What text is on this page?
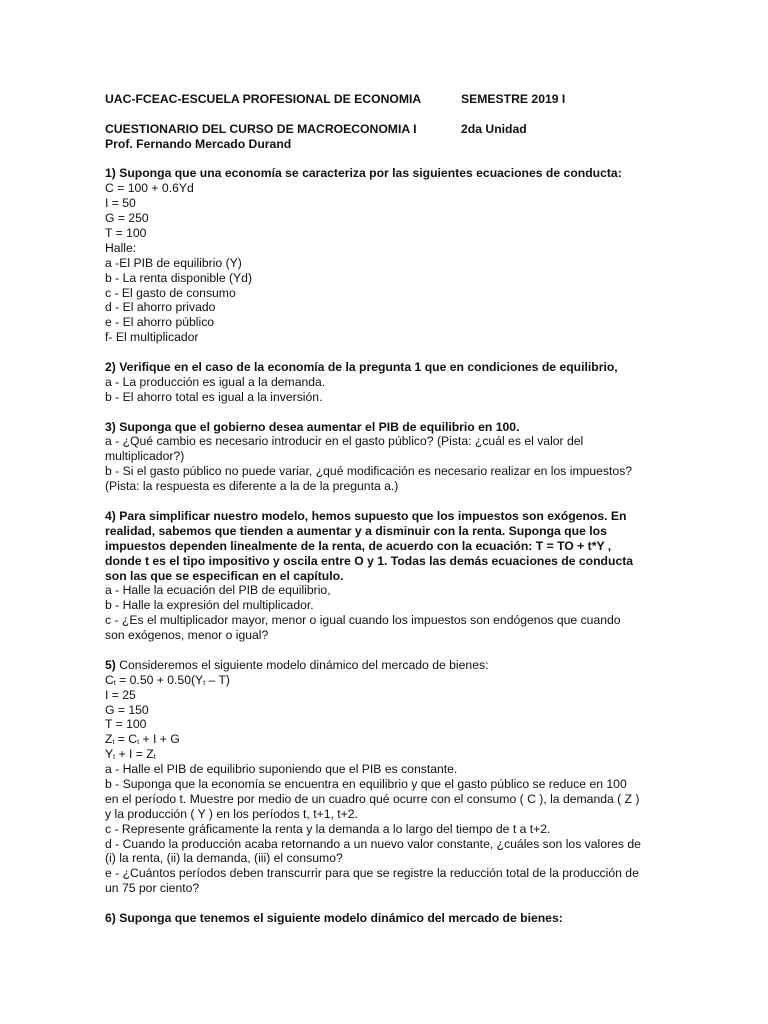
UAC-FCEAC-ESCUELA PROFESIONAL DE ECONOMIA	SEMESTRE 2019 I
CUESTIONARIO DEL CURSO DE MACROECONOMIA I	2da Unidad
Prof. Fernando Mercado Durand
1) Suponga que una economía se caracteriza por las siguientes ecuaciones de conducta:
C = 100 + 0.6Yd
I = 50
G = 250
T = 100
Halle:
a -El PIB de equilibrio (Y)
b - La renta disponible (Yd)
c - El gasto de consumo
d - El ahorro privado
e - El ahorro público
f- El multiplicador
2) Verifique en el caso de la economía de la pregunta 1 que en condiciones de equilibrio,
a - La producción es igual a la demanda.
b - El ahorro total es igual a la inversión.
3) Suponga que el gobierno desea aumentar el PIB de equilibrio en 100.
a - ¿Qué cambio es necesario introducir en el gasto público? (Pista: ¿cuál es el valor del
multiplicador?)
b - Si el gasto público no puede variar, ¿qué modificación es necesario realizar en los impuestos?
(Pista: la respuesta es diferente a la de la pregunta a.)
4) Para simplificar nuestro modelo, hemos supuesto que los impuestos son exógenos. En
realidad, sabemos que tienden a aumentar y a disminuir con la renta. Suponga que los
impuestos dependen linealmente de la renta, de acuerdo con la ecuación: T = TO + t*Y ,
donde t es el tipo impositivo y oscila entre O y 1. Todas las demás ecuaciones de conducta
son las que se especifican en el capítulo.
a - Halle la ecuación del PIB de equilibrio,
b - Halle la expresión del multiplicador.
c - ¿Es el multiplicador mayor, menor o igual cuando los impuestos son endógenos que cuando
son exógenos, menor o igual?
5) Consideremos el siguiente modelo dinámico del mercado de bienes:
$C_t = 0.50 + 0.50(Y_t - T)$
I = 25
G = 150
T = 100
$Z_t = C_t + I + G$
$Y_t + I = Z_t$
a - Halle el PIB de equilibrio suponiendo que el PIB es constante.
b - Suponga que la economía se encuentra en equilibrio y que el gasto público se reduce en 100
en el período t. Muestre por medio de un cuadro qué ocurre con el consumo ( C ), la demanda ( Z )
y la producción ( Y ) en los períodos t, t+1, t+2.
c - Represente gráficamente la renta y la demanda a lo largo del tiempo de t a t+2.
d - Cuando la producción acaba retornando a un nuevo valor constante, ¿cuáles son los valores de
(i) la renta, (ii) la demanda, (iii) el consumo?
e - ¿Cuántos períodos deben transcurrir para que se registre la reducción total de la producción de
un 75 por ciento?
6) Suponga que tenemos el siguiente modelo dinámico del mercado de bienes:
